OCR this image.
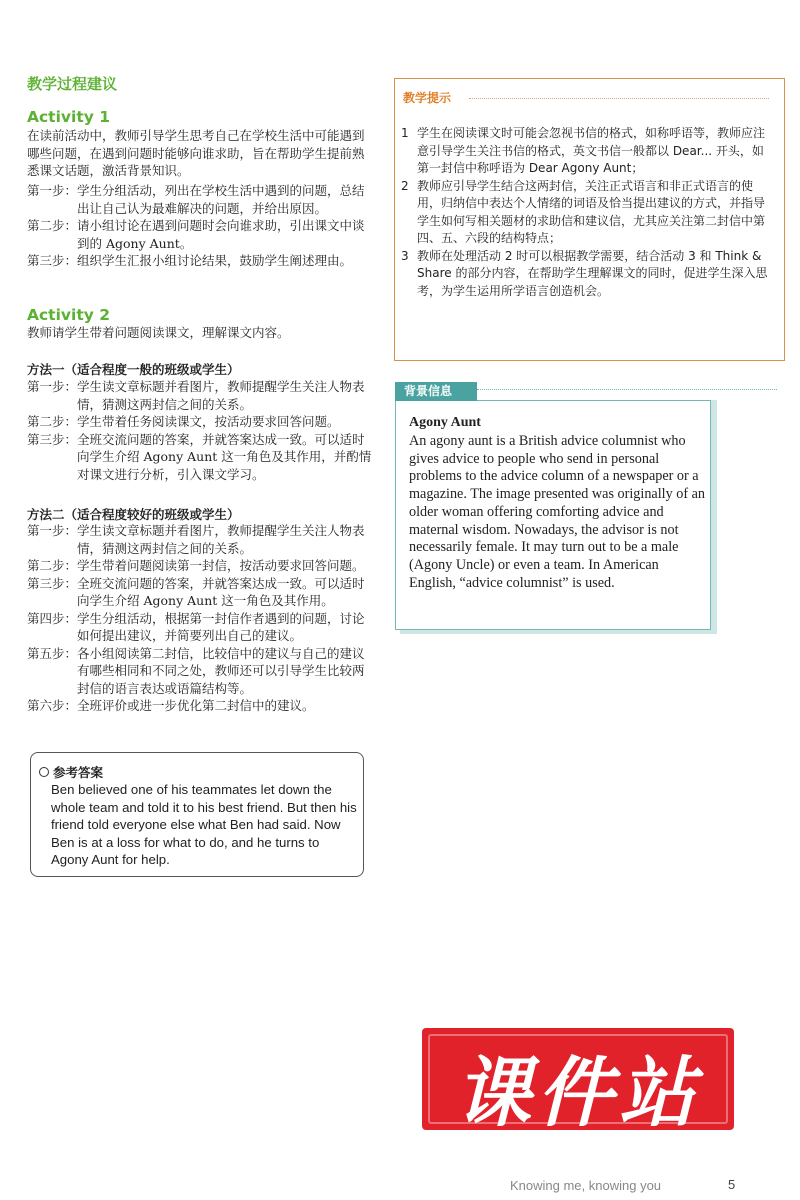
教学过程建议
Activity 1
在读前活动中，教师引导学生思考自己在学校生活中可能遇到哪些问题，在遇到问题时能够向谁求助，旨在帮助学生提前熟悉课文话题，激活背景知识。
第一步： 学生分组活动，列出在学校生活中遇到的问题，总结出让自己认为最难解决的问题，并给出原因。
第二步： 请小组讨论在遇到问题时会向谁求助，引出课文中谈到的 Agony Aunt。
第三步： 组织学生汇报小组讨论结果，鼓励学生阐述理由。
Activity 2
教师请学生带着问题阅读课文，理解课文内容。
方法一（适合程度一般的班级或学生）
第一步： 学生读文章标题并看图片，教师提醒学生关注人物表情，猜测这两封信之间的关系。
第二步： 学生带着任务阅读课文，按活动要求回答问题。
第三步： 全班交流问题的答案，并就答案达成一致。可以适时向学生介绍 Agony Aunt 这一角色及其作用，并酌情对课文进行分析，引入课文学习。
方法二（适合程度较好的班级或学生）
第一步： 学生读文章标题并看图片，教师提醒学生关注人物表情，猜测这两封信之间的关系。
第二步： 学生带着问题阅读第一封信，按活动要求回答问题。
第三步： 全班交流问题的答案，并就答案达成一致。可以适时向学生介绍 Agony Aunt 这一角色及其作用。
第四步： 学生分组活动，根据第一封信作者遇到的问题，讨论如何提出建议，并简要列出自己的建议。
第五步： 各小组阅读第二封信，比较信中的建议与自己的建议有哪些相同和不同之处，教师还可以引导学生比较两封信的语言表达或语篇结构等。
第六步： 全班评价或进一步优化第二封信中的建议。
参考答案
Ben believed one of his teammates let down the whole team and told it to his best friend. But then his friend told everyone else what Ben had said. Now Ben is at a loss for what to do, and he turns to Agony Aunt for help.
教学提示
1 学生在阅读课文时可能会忽视书信的格式，如称呼语等，教师应注意引导学生关注书信的格式，英文书信一般都以 Dear... 开头，如第一封信中称呼语为 Dear Agony Aunt；
2 教师应引导学生结合这两封信，关注正式语言和非正式语言的使用，归纳信中表达个人情绪的词语及恰当提出建议的方式，并指导学生如何写相关题材的求助信和建议信，尤其应关注第二封信中第四、五、六段的结构特点；
3 教师在处理活动 2 时可以根据教学需要，结合活动 3 和 Think & Share 的部分内容，在帮助学生理解课文的同时，促进学生深入思考，为学生运用所学语言创造机会。
Agony Aunt
An agony aunt is a British advice columnist who gives advice to people who send in personal problems to the advice column of a newspaper or a magazine. The image presented was originally of an older woman offering comforting advice and maternal wisdom. Nowadays, the advisor is not necessarily female. It may turn out to be a male (Agony Uncle) or even a team. In American English, “advice columnist” is used.
背景信息
课件站
Knowing me, knowing you	5
